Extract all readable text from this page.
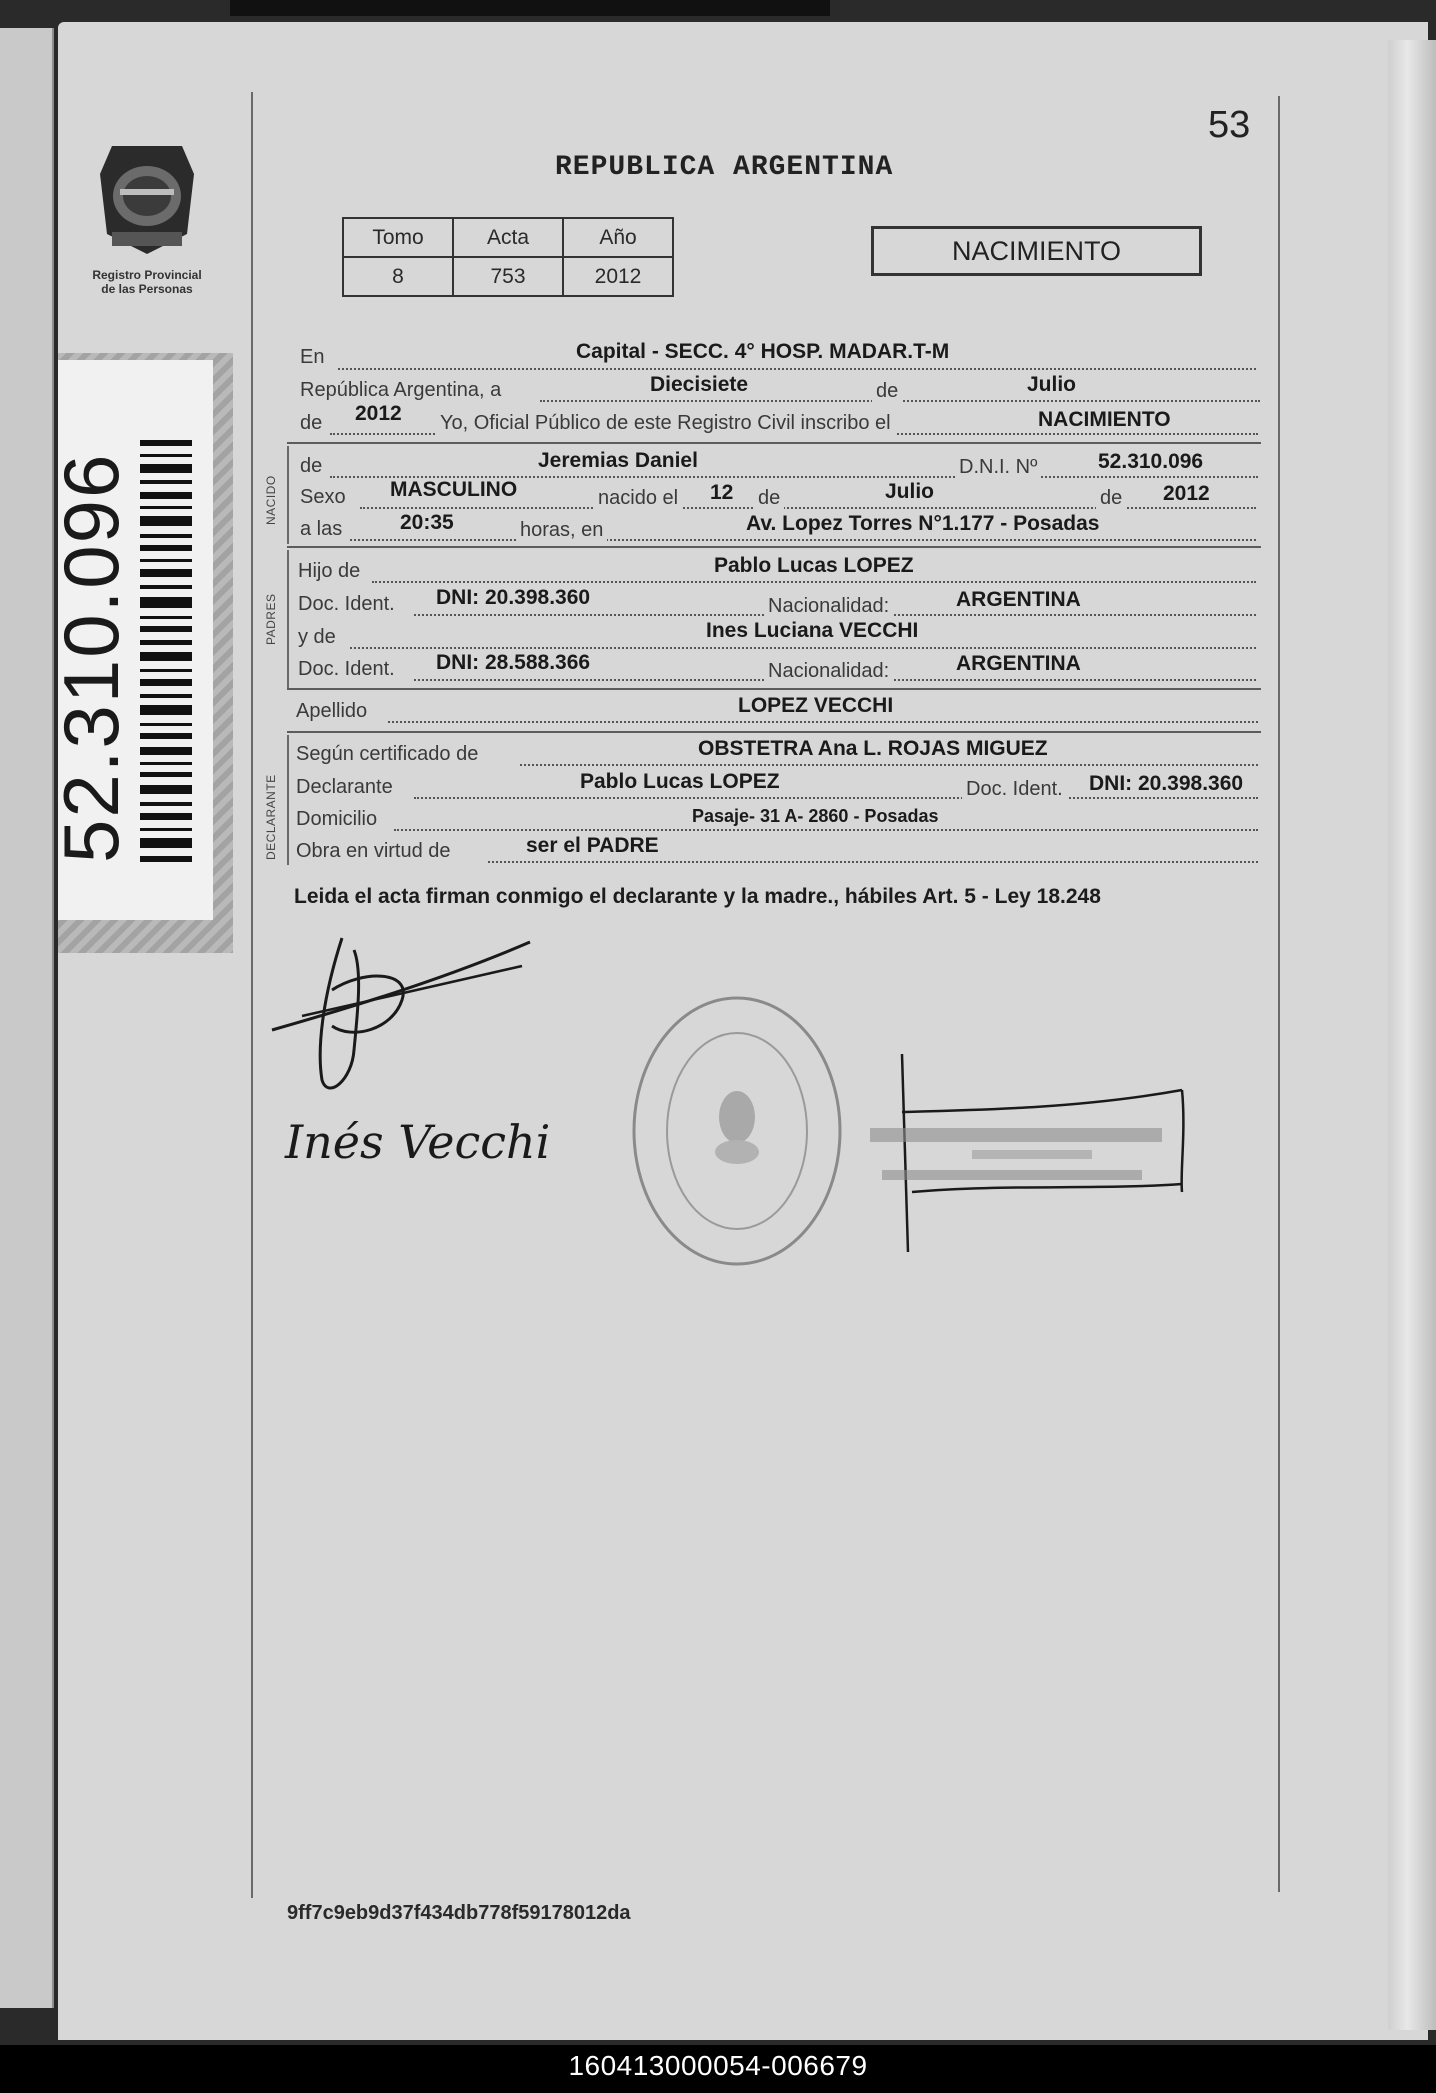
53
REPUBLICA ARGENTINA
Registro Provincial
de las Personas
52.310.096
Tomo	Acta	Año
8	753	2012
NACIMIENTO
En	Capital - SECC. 4° HOSP. MADAR.T-M
República Argentina, a	Diecisiete	de	Julio
de 2012 Yo, Oficial Público de este Registro Civil inscribo el	NACIMIENTO
NACIDO
de	Jeremias Daniel	D.N.I. Nº	52.310.096
Sexo MASCULINO	nacido el 12 de	Julio	de 2012
a las	20:35	horas, en	Av. Lopez Torres N°1.177 - Posadas
PADRES
Hijo de	Pablo Lucas LOPEZ
Doc. Ident. DNI: 20.398.360	Nacionalidad:	ARGENTINA
y de	Ines Luciana VECCHI
Doc. Ident. DNI: 28.588.366	Nacionalidad:	ARGENTINA
Apellido	LOPEZ VECCHI
DECLARANTE
Según certificado de	OBSTETRA Ana L. ROJAS MIGUEZ
Declarante	Pablo Lucas LOPEZ	Doc. Ident. DNI: 20.398.360
Domicilio	Pasaje- 31 A- 2860 - Posadas
Obra en virtud de	ser el PADRE
Leida el acta firman conmigo el declarante y la madre., hábiles Art. 5 - Ley 18.248
Inés Vecchi
9ff7c9eb9d37f434db778f59178012da
160413000054-006679
